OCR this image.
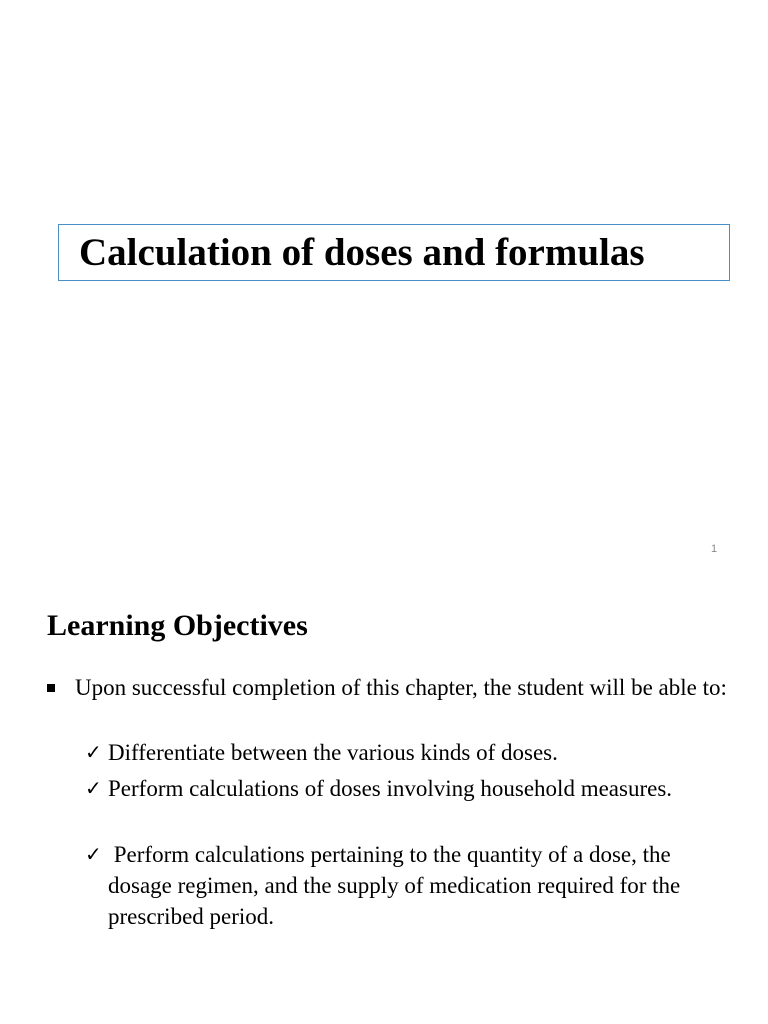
Calculation of doses and formulas
1
Learning Objectives
Upon successful completion of this chapter, the student will be able to:
✓ Differentiate between the various kinds of doses.
✓ Perform calculations of doses involving household measures.
✓ Perform calculations pertaining to the quantity of a dose, the dosage regimen, and the supply of medication required for the prescribed period.
